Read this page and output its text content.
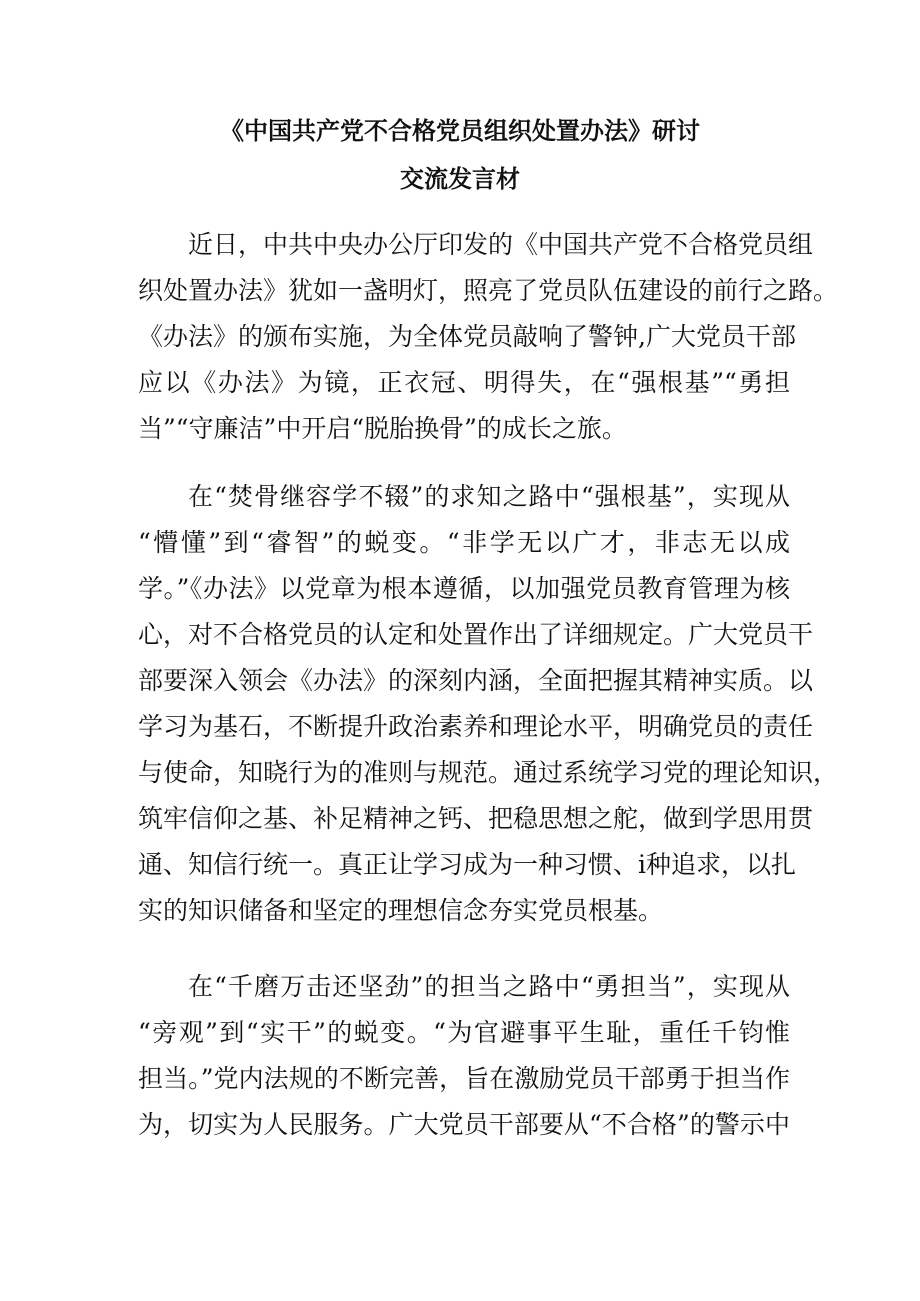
《中国共产党不合格党员组织处置办法》研讨
交流发言材
近日，中共中央办公厅印发的《中国共产党不合格党员组
织处置办法》犹如一盏明灯，照亮了党员队伍建设的前行之路。
《办法》的颁布实施，为全体党员敲响了警钟,广大党员干部
应以《办法》为镜，正衣冠、明得失，在“强根基”“勇担
当”“守廉洁”中开启“脱胎换骨”的成长之旅。
在“焚骨继容学不辍”的求知之路中“强根基”，实现从
“懵懂”到“睿智”的蜕变。“非学无以广才，非志无以成
学。”《办法》以党章为根本遵循，以加强党员教育管理为核
心，对不合格党员的认定和处置作出了详细规定。广大党员干
部要深入领会《办法》的深刻内涵，全面把握其精神实质。以
学习为基石，不断提升政治素养和理论水平，明确党员的责任
与使命，知晓行为的准则与规范。通过系统学习党的理论知识，
筑牢信仰之基、补足精神之钙、把稳思想之舵，做到学思用贯
通、知信行统一。真正让学习成为一种习惯、i种追求，以扎
实的知识储备和坚定的理想信念夯实党员根基。
在“千磨万击还坚劲”的担当之路中“勇担当”，实现从
“旁观”到“实干”的蜕变。“为官避事平生耻，重任千钧惟
担当。”党内法规的不断完善，旨在激励党员干部勇于担当作
为，切实为人民服务。广大党员干部要从“不合格”的警示中
